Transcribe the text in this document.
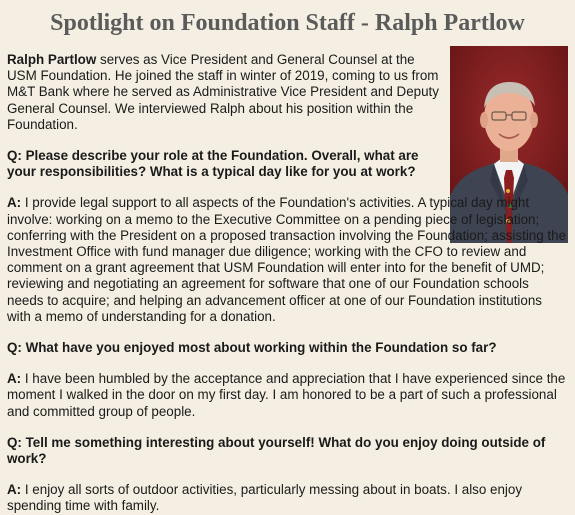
Spotlight on Foundation Staff - Ralph Partlow

Ralph Partlow serves as Vice President and General Counsel at the USM Foundation. He joined the staff in winter of 2019, coming to us from M&T Bank where he served as Administrative Vice President and Deputy General Counsel. We interviewed Ralph about his position within the Foundation.

Q: Please describe your role at the Foundation. Overall, what are your responsibilities? What is a typical day like for you at work?

A: I provide legal support to all aspects of the Foundation's activities. A typical day might involve: working on a memo to the Executive Committee on a pending piece of legislation; conferring with the President on a proposed transaction involving the Foundation; assisting the Investment Office with fund manager due diligence; working with the CFO to review and comment on a grant agreement that USM Foundation will enter into for the benefit of UMD; reviewing and negotiating an agreement for software that one of our Foundation schools needs to acquire; and helping an advancement officer at one of our Foundation institutions with a memo of understanding for a donation.

Q: What have you enjoyed most about working within the Foundation so far?

A: I have been humbled by the acceptance and appreciation that I have experienced since the moment I walked in the door on my first day. I am honored to be a part of such a professional and committed group of people.

Q: Tell me something interesting about yourself! What do you enjoy doing outside of work?

A: I enjoy all sorts of outdoor activities, particularly messing about in boats. I also enjoy spending time with family.
